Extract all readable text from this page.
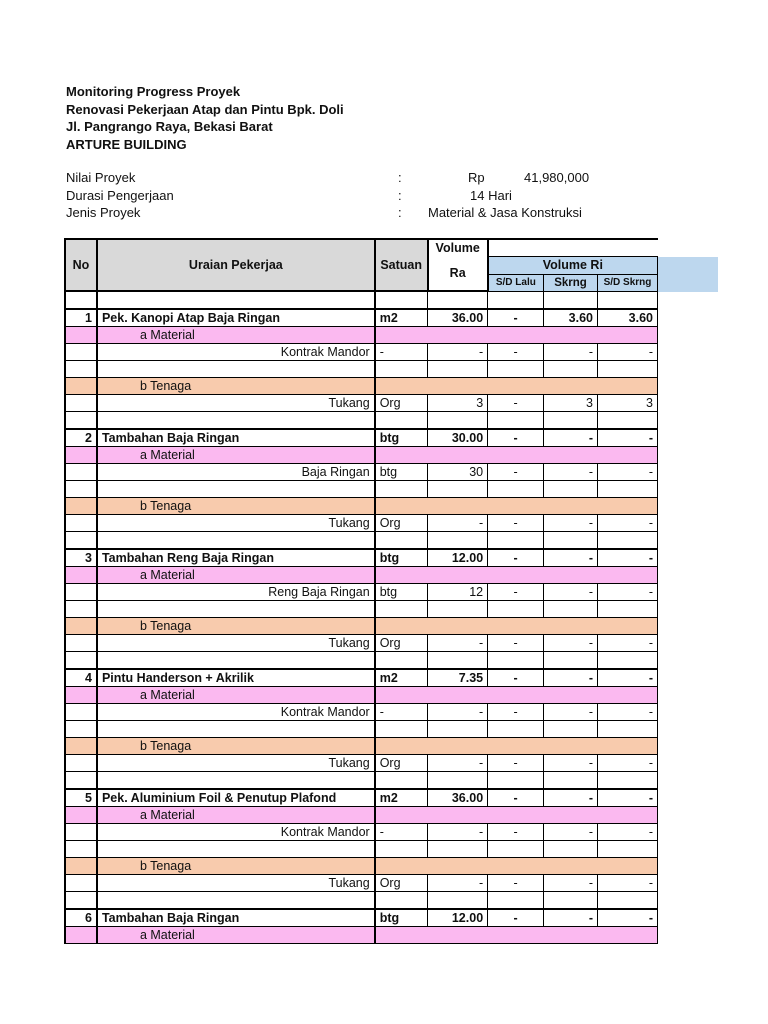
Monitoring Progress Proyek
Renovasi Pekerjaan Atap dan Pintu Bpk. Doli
Jl. Pangrango Raya, Bekasi Barat
ARTURE BUILDING
Nilai Proyek	:	Rp	41,980,000
Durasi Pengerjaan	:	14 Hari
Jenis Proyek	: Material & Jasa Konstruksi
No	Uraian Pekerjaa	Satuan	Volume			
			Ra	Volume Ri		
				S/D Lalu	Skrng	S/D Skrng

1	Pek. Kanopi Atap Baja Ringan	m2	36.00	-	3.60	3.60
	a Material					
	Kontrak Mandor	-	-	-	-	-

	b Tenaga					
	Tukang	Org	3	-	3	3

2	Tambahan Baja Ringan	btg	30.00	-	-	-
	a Material					
	Baja Ringan	btg	30	-	-	-

	b Tenaga					
	Tukang	Org	-	-	-	-

3	Tambahan Reng Baja Ringan	btg	12.00	-	-	-
	a Material					
	Reng Baja Ringan	btg	12	-	-	-

	b Tenaga					
	Tukang	Org	-	-	-	-

4	Pintu Handerson + Akrilik	m2	7.35	-	-	-
	a Material					
	Kontrak Mandor	-	-	-	-	-

	b Tenaga					
	Tukang	Org	-	-	-	-

5	Pek. Aluminium Foil & Penutup Plafond	m2	36.00	-	-	-
	a Material					
	Kontrak Mandor	-	-	-	-	-

	b Tenaga					
	Tukang	Org	-	-	-	-

6	Tambahan Baja Ringan	btg	12.00	-	-	-
	a Material					
